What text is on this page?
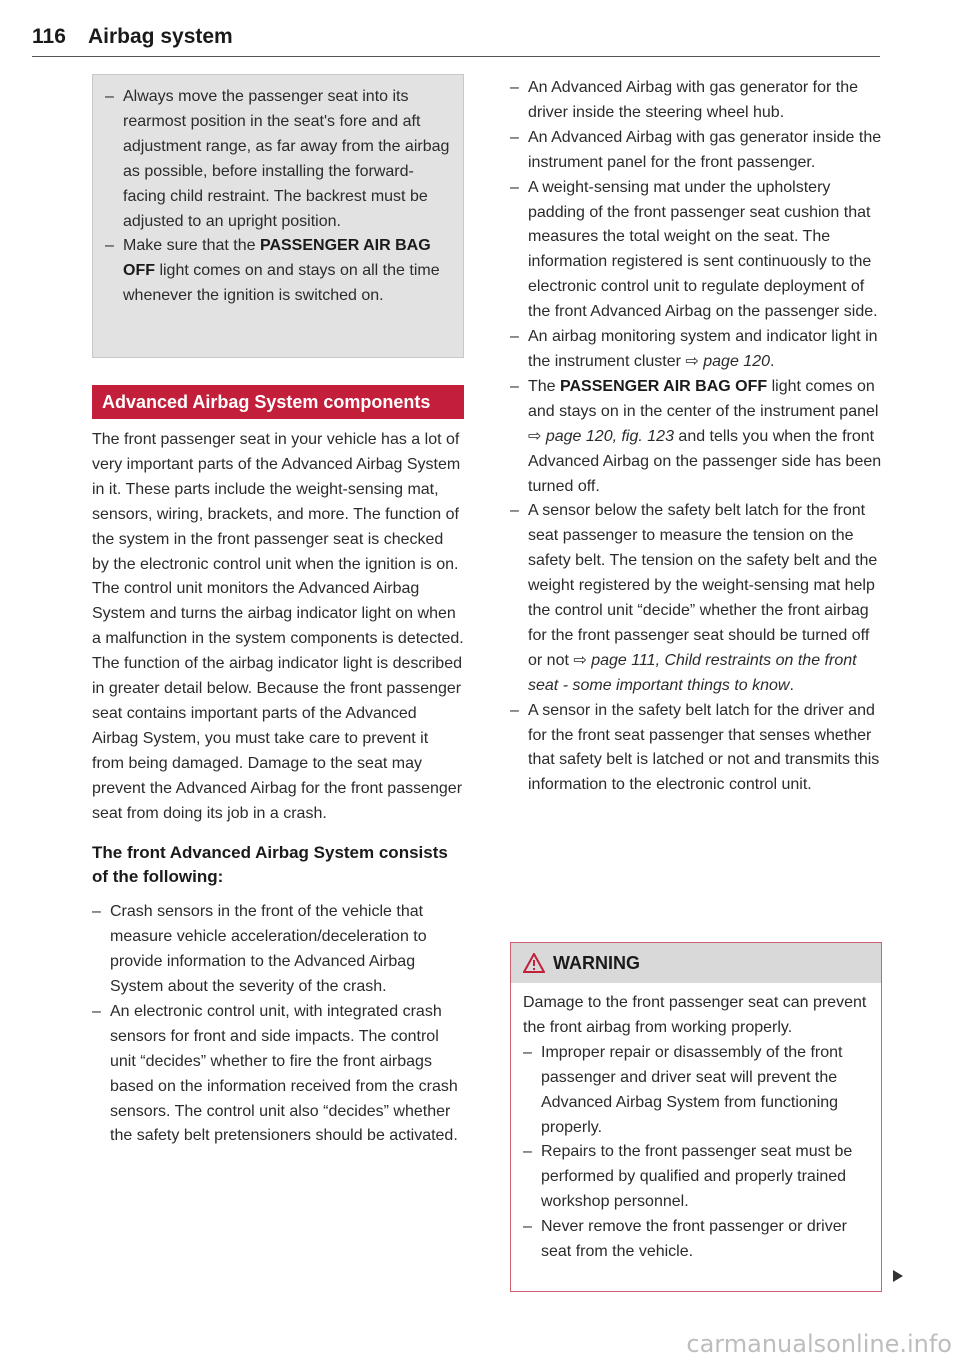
116 Airbag system
– Always move the passenger seat into its rearmost position in the seat's fore and aft adjustment range, as far away from the airbag as possible, before installing the forward-facing child restraint. The backrest must be adjusted to an upright position.
– Make sure that the PASSENGER AIR BAG OFF light comes on and stays on all the time whenever the ignition is switched on.
Advanced Airbag System components

The front passenger seat in your vehicle has a lot of very important parts of the Advanced Airbag System in it. These parts include the weight-sensing mat, sensors, wiring, brackets, and more. The function of the system in the front passenger seat is checked by the electronic control unit when the ignition is on. The control unit monitors the Advanced Airbag System and turns the airbag indicator light on when a malfunction in the system components is detected. The function of the airbag indicator light is described in greater detail below. Because the front passenger seat contains important parts of the Advanced Airbag System, you must take care to prevent it from being damaged. Damage to the seat may prevent the Advanced Airbag for the front passenger seat from doing its job in a crash.

The front Advanced Airbag System consists of the following:

– Crash sensors in the front of the vehicle that measure vehicle acceleration/deceleration to provide information to the Advanced Airbag System about the severity of the crash.
– An electronic control unit, with integrated crash sensors for front and side impacts. The control unit “decides” whether to fire the front airbags based on the information received from the crash sensors. The control unit also “decides” whether the safety belt pretensioners should be activated.
– An Advanced Airbag with gas generator for the driver inside the steering wheel hub.
– An Advanced Airbag with gas generator inside the instrument panel for the front passenger.
– A weight-sensing mat under the upholstery padding of the front passenger seat cushion that measures the total weight on the seat. The information registered is sent continuously to the electronic control unit to regulate deployment of the front Advanced Airbag on the passenger side.
– An airbag monitoring system and indicator light in the instrument cluster ⇨ page 120.
– The PASSENGER AIR BAG OFF light comes on and stays on in the center of the instrument panel ⇨ page 120, fig. 123 and tells you when the front Advanced Airbag on the passenger side has been turned off.
– A sensor below the safety belt latch for the front seat passenger to measure the tension on the safety belt. The tension on the safety belt and the weight registered by the weight-sensing mat help the control unit “decide” whether the front airbag for the front passenger seat should be turned off or not ⇨ page 111, Child restraints on the front seat - some important things to know.
– A sensor in the safety belt latch for the driver and for the front seat passenger that senses whether that safety belt is latched or not and transmits this information to the electronic control unit.
WARNING

Damage to the front passenger seat can prevent the front airbag from working properly.

– Improper repair or disassembly of the front passenger and driver seat will prevent the Advanced Airbag System from functioning properly.
– Repairs to the front passenger seat must be performed by qualified and properly trained workshop personnel.
– Never remove the front passenger or driver seat from the vehicle.
carmanualsonline.info
